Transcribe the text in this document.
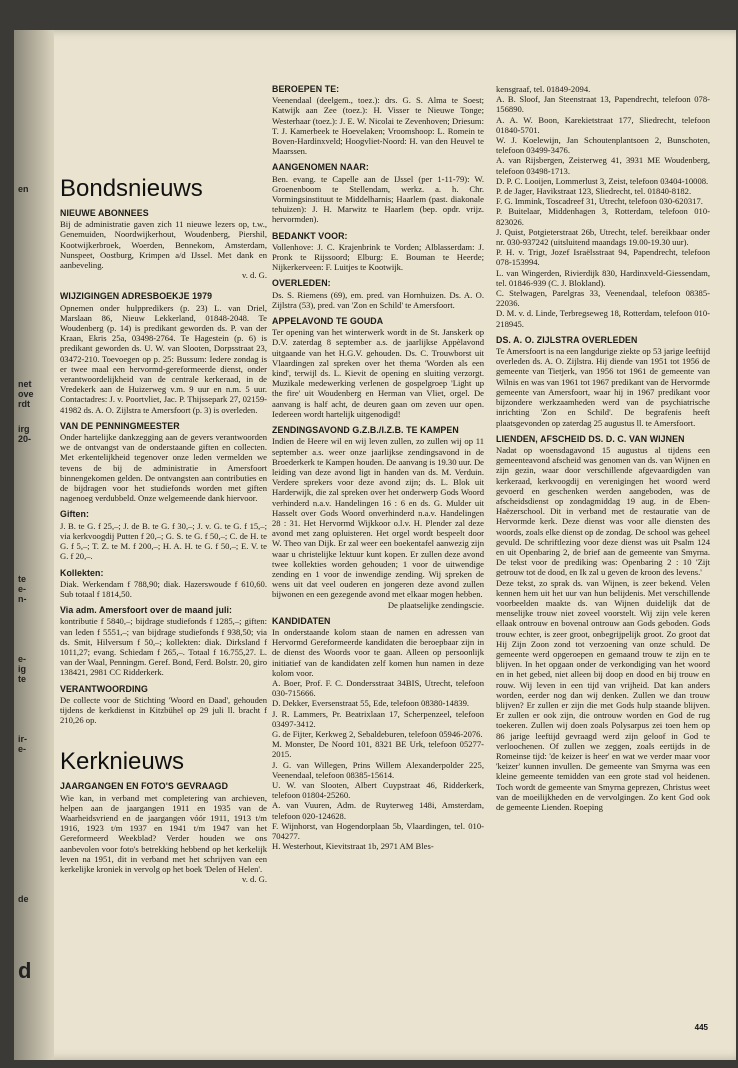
en
net
ove
rdt
irg
20-
te
e-
n-
e-
ig
te
ir-
e-
de
d
Bondsnieuws
NIEUWE ABONNEES

Bij de administratie gaven zich 11 nieuwe lezers op, t.w., Genemuiden, Noordwijkerhout, Woudenberg, Piershil, Kootwijkerbroek, Woerden, Bennekom, Amsterdam, Nunspeet, Oostburg, Krimpen a/d IJssel. Met dank en aanbeveling.

v. d. G.

WIJZIGINGEN ADRESBOEKJE 1979

Opnemen onder hulppredikers (p. 23) L. van Driel, Marslaan 86, Nieuw Lekkerland, 01848-2048. Te Woudenberg (p. 14) is predikant geworden ds. P. van der Kraan, Ekris 25a, 03498-2764. Te Hagestein (p. 6) is predikant geworden ds. U. W. van Slooten, Dorpsstraat 23, 03472-210. Toevoegen op p. 25: Bussum: Iedere zondag is er twee maal een hervormd-gereformeerde dienst, onder verantwoordelijkheid van de centrale kerkeraad, in de Vredekerk aan de Huizerweg v.m. 9 uur en n.m. 5 uur. Contactadres: J. v. Poortvliet, Jac. P. Thijssepark 27, 02159-41982 ds. A. O. Zijlstra te Amersfoort (p. 3) is overleden.

VAN DE PENNINGMEESTER

Onder hartelijke dankzegging aan de gevers verantwoorden we de ontvangst van de onderstaande giften en collecten. Met erkentelijkheid tegenover onze leden vermelden we tevens de bij de administratie in Amersfoort binnengekomen gelden. De ontvangsten aan contributies en de bijdragen voor het studiefonds worden met giften nagenoeg verdubbeld. Onze welgemeende dank hiervoor.

Giften:

J. B. te G. f 25,–; J. de B. te G. f 30,–; J. v. G. te G. f 15,–; via kerkvoogdij Putten f 20,–; G. S. te G. f 50,–; C. de H. te G. f 5,–; T. Z. te M. f 200,–; H. A. H. te G. f 50,–; E. V. te G. f 20,–.

Kollekten:

Diak. Werkendam f 788,90; diak. Hazerswoude f 610,60. Sub totaal f 1814,50.

Via adm. Amersfoort over de maand juli:

kontributie f 5840,–; bijdrage studiefonds f 1285,–; giften: van leden f 5551,–; van bijdrage studiefonds f 938,50; via ds. Smit, Hilversum f 50,–; kollekten: diak. Dirksland f 1011,27; evang. Schiedam f 265,–. Totaal f 16.755,27. L. van der Waal, Penningm. Geref. Bond, Ferd. Bolstr. 20, giro 138421, 2981 CC Ridderkerk.

VERANTWOORDING

De collecte voor de Stichting 'Woord en Daad', gehouden tijdens de kerkdienst in Kitzbühel op 29 juli ll. bracht f 210,26 op.

Kerknieuws
JAARGANGEN EN FOTO'S GEVRAAGD

Wie kan, in verband met completering van archieven, helpen aan de jaargangen 1911 en 1935 van de Waarheidsvriend en de jaargangen vóór 1911, 1913 t/m 1916, 1923 t/m 1937 en 1941 t/m 1947 van het Gereformeerd Weekblad? Verder houden we ons aanbevolen voor foto's betrekking hebbend op het kerkelijk leven na 1951, dit in verband met het schrijven van een kerkelijke kroniek in vervolg op het boek 'Delen of Helen'.

v. d. G.

BEROEPEN TE:

Veenendaal (deelgem., toez.): drs. G. S. Alma te Soest; Katwijk aan Zee (toez.): H. Visser te Nieuwe Tonge; Westerhaar (toez.): J. E. W. Nicolai te Zevenhoven; Driesum: T. J. Kamerbeek te Hoevelaken; Vroomshoop: L. Romein te Boven-Hardinxveld; Hoogvliet-Noord: H. van den Heuvel te Maarssen.

AANGENOMEN NAAR:

Ben. evang. te Capelle aan de IJssel (per 1-11-79): W. Groenenboom te Stellendam, werkz. a. h. Chr. Vormingsinstituut te Middelharnis; Haarlem (past. diakonale tehuizen): J. H. Marwitz te Haarlem (bep. opdr. vrijz. hervormden).

BEDANKT VOOR:

Vollenhove: J. C. Krajenbrink te Vorden; Alblasserdam: J. Pronk te Rijssoord; Elburg: E. Bouman te Heerde; Nijkerkerveen: F. Luitjes te Kootwijk.

OVERLEDEN:

Ds. S. Riemens (69), em. pred. van Hornhuizen. Ds. A. O. Zijlstra (53), pred. van 'Zon en Schild' te Amersfoort.

APPELAVOND TE GOUDA

Ter opening van het winterwerk wordt in de St. Janskerk op D.V. zaterdag 8 september a.s. de jaarlijkse Appèlavond uitgaande van het H.G.V. gehouden. Ds. C. Trouwborst uit Vlaardingen zal spreken over het thema 'Worden als een kind', terwijl ds. L. Kievit de opening en sluiting verzorgt. Muzikale medewerking verlenen de gospelgroep 'Light up the fire' uit Woudenberg en Herman van Vliet, orgel. De aanvang is half acht, de deuren gaan om zeven uur open. Iedereen wordt hartelijk uitgenodigd!

ZENDINGSAVOND G.Z.B./I.Z.B. TE KAMPEN

Indien de Heere wil en wij leven zullen, zo zullen wij op 11 september a.s. weer onze jaarlijkse zendingsavond in de Broederkerk te Kampen houden. De aanvang is 19.30 uur. De leiding van deze avond ligt in handen van ds. M. Verduin. Verdere sprekers voor deze avond zijn; ds. L. Blok uit Harderwijk, die zal spreken over het onderwerp Gods Woord verhinderd n.a.v. Handelingen 16 : 6 en ds. G. Mulder uit Hasselt over Gods Woord onverhinderd n.a.v. Handelingen 28 : 31. Het Hervormd Wijkkoor o.l.v. H. Plender zal deze avond met zang opluisteren. Het orgel wordt bespeelt door W. Theo van Dijk. Er zal weer een boekentafel aanwezig zijn waar u christelijke lektuur kunt kopen. Er zullen deze avond twee kollekties worden gehouden; 1 voor de uitwendige zending en 1 voor de inwendige zending. Wij spreken de wens uit dat veel ouderen en jongeren deze avond zullen bijwonen en een gezegende avond met elkaar mogen hebben.

De plaatselijke zendingscie.

KANDIDATEN

In onderstaande kolom staan de namen en adressen van Hervormd Gereformeerde kandidaten die beroepbaar zijn in de dienst des Woords voor te gaan. Alleen op persoonlijk initiatief van de kandidaten zelf komen hun namen in deze kolom voor.

A. Boer, Prof. F. C. Dondersstraat 34BIS, Utrecht, telefoon 030-715666.

D. Dekker, Eversenstraat 55, Ede, telefoon 08380-14839.

J. R. Lammers, Pr. Beatrixlaan 17, Scherpenzeel, telefoon 03497-3412.

G. de Fijter, Kerkweg 2, Sebaldeburen, telefoon 05946-2076.

M. Monster, De Noord 101, 8321 BE Urk, telefoon 05277-2015.

J. G. van Willegen, Prins Willem Alexanderpolder 225, Veenendaal, telefoon 08385-15614.

U. W. van Slooten, Albert Cuypstraat 46, Ridderkerk, telefoon 01804-25260.

A. van Vuuren, Adm. de Ruyterweg 148i, Amsterdam, telefoon 020-124628.

F. Wijnhorst, van Hogendorplaan 5b, Vlaardingen, tel. 010-704277.

H. Westerhout, Kievitstraat 1b, 2971 AM Bles-

kensgraaf, tel. 01849-2094.

A. B. Sloof, Jan Steenstraat 13, Papendrecht, telefoon 078-156890.

A. A. W. Boon, Karekietstraat 177, Sliedrecht, telefoon 01840-5701.

W. J. Koelewijn, Jan Schoutenplantsoen 2, Bunschoten, telefoon 03499-3476.

A. van Rijsbergen, Zeisterweg 41, 3931 ME Woudenberg, telefoon 03498-1713.

D. P. C. Looijen, Lommerlust 3, Zeist, telefoon 03404-10008.

P. de Jager, Havikstraat 123, Sliedrecht, tel. 01840-8182.

F. G. Immink, Toscadreef 31, Utrecht, telefoon 030-620317.

P. Buitelaar, Middenhagen 3, Rotterdam, telefoon 010-823026.

J. Quist, Potgieterstraat 26b, Utrecht, telef. bereikbaar onder nr. 030-937242 (uitsluitend maandags 19.00-19.30 uur).

P. H. v. Trigt, Jozef Israëlsstraat 94, Papendrecht, telefoon 078-153994.

L. van Wingerden, Rivierdijk 830, Hardinxveld-Giessendam, tel. 01846-939 (C. J. Blokland).

C. Stelwagen, Parelgras 33, Veenendaal, telefoon 08385-22036.

D. M. v. d. Linde, Terbregseweg 18, Rotterdam, telefoon 010-218945.

DS. A. O. ZIJLSTRA OVERLEDEN

Te Amersfoort is na een langdurige ziekte op 53 jarige leeftijd overleden ds. A. O. Zijlstra. Hij diende van 1951 tot 1956 de gemeente van Tietjerk, van 1956 tot 1961 de gemeente van Wilnis en was van 1961 tot 1967 predikant van de Hervormde gemeente van Amersfoort, waar hij in 1967 predikant voor bijzondere werkzaamheden werd van de psychiatrische inrichting 'Zon en Schild'. De begrafenis heeft plaatsgevonden op zaterdag 25 augustus ll. te Amersfoort.

LIENDEN, AFSCHEID DS. D. C. VAN WIJNEN

Nadat op woensdagavond 15 augustus al tijdens een gemeenteavond afscheid was genomen van ds. van Wijnen en zijn gezin, waar door verschillende afgevaardigden van kerkeraad, kerkvoogdij en verenigingen het woord werd gevoerd en geschenken werden aangeboden, was de afscheidsdienst op zondagmiddag 19 aug. in de Eben-Haëzerschool. Dit in verband met de restauratie van de Hervormde kerk. Deze dienst was voor alle diensten des woords, zoals elke dienst op de zondag. De school was geheel gevuld. De schriftlezing voor deze dienst was uit Psalm 124 en uit Openbaring 2, de brief aan de gemeente van Smyrna. De tekst voor de prediking was: Openbaring 2 : 10 'Zijt getrouw tot de dood, en Ik zal u geven de kroon des levens.'

Deze tekst, zo sprak ds. van Wijnen, is zeer bekend. Velen kennen hem uit het uur van hun belijdenis. Met verschillende voorbeelden maakte ds. van Wijnen duidelijk dat de menselijke trouw niet zoveel voorstelt. Wij zijn vele keren ellaak ontrouw en bovenal ontrouw aan Gods geboden. Gods trouw echter, is zeer groot, onbegrijpelijk groot. Zo groot dat Hij Zijn Zoon zond tot verzoening van onze schuld. De gemeente werd opgeroepen en gemaand trouw te zijn en te blijven. In het opgaan onder de verkondiging van het woord en in het gebed, niet alleen bij doop en dood en bij trouw en rouw. Wij leven in een tijd van vrijheid. Dat kan anders worden, eerder nog dan wij denken. Zullen we dan trouw blijven? Er zullen er zijn die met Gods hulp staande blijven. Er zullen er ook zijn, die ontrouw worden en God de rug toekeren. Zullen wij doen zoals Polysarpus zei toen hem op 86 jarige leeftijd gevraagd werd zijn geloof in God te verloochenen. Of zullen we zeggen, zoals eertijds in de Romeinse tijd: 'de keizer is heer' en wat we verder maar voor 'keizer' kunnen invullen. De gemeente van Smyrna was een kleine gemeente temidden van een grote stad vol heidenen. Toch wordt de gemeente van Smyrna geprezen, Christus weet van de moeilijkheden en de vervolgingen. Zo kent God ook de gemeente Lienden. Roeping

445
